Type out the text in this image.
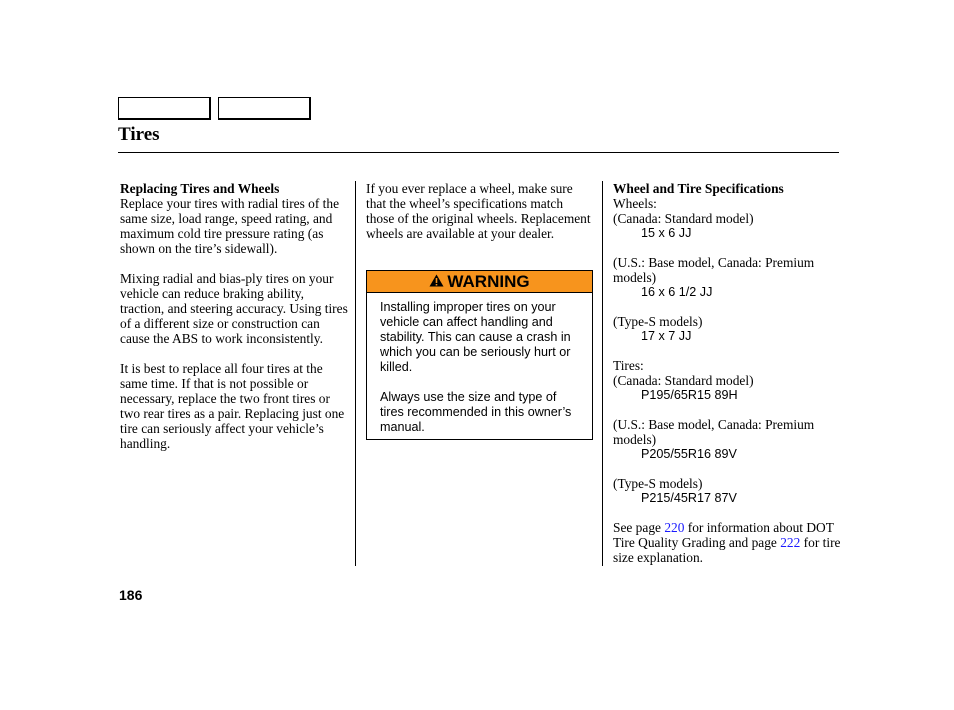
Tires
Replacing Tires and Wheels

Replace your tires with radial tires of the same size, load range, speed rating, and maximum cold tire pressure rating (as shown on the tire’s sidewall).

Mixing radial and bias-ply tires on your vehicle can reduce braking ability, traction, and steering accuracy. Using tires of a different size or construction can cause the ABS to work inconsistently.

It is best to replace all four tires at the same time. If that is not possible or necessary, replace the two front tires or two rear tires as a pair. Replacing just one tire can seriously affect your vehicle’s handling.

If you ever replace a wheel, make sure that the wheel’s specifications match those of the original wheels. Replacement wheels are available at your dealer.

WARNING

Installing improper tires on your vehicle can affect handling and stability. This can cause a crash in which you can be seriously hurt or killed.

Always use the size and type of tires recommended in this owner’s manual.

Wheel and Tire Specifications
Wheels:
(Canada: Standard model)
15 x 6 JJ
(U.S.: Base model, Canada: Premium models)
16 x 6 1/2 JJ
(Type-S models)
17 x 7 JJ
Tires:
(Canada: Standard model)
P195/65R15 89H
(U.S.: Base model, Canada: Premium models)
P205/55R16 89V
(Type-S models)
P215/45R17 87V
See page 220 for information about DOT Tire Quality Grading and page 222 for tire size explanation.
186
